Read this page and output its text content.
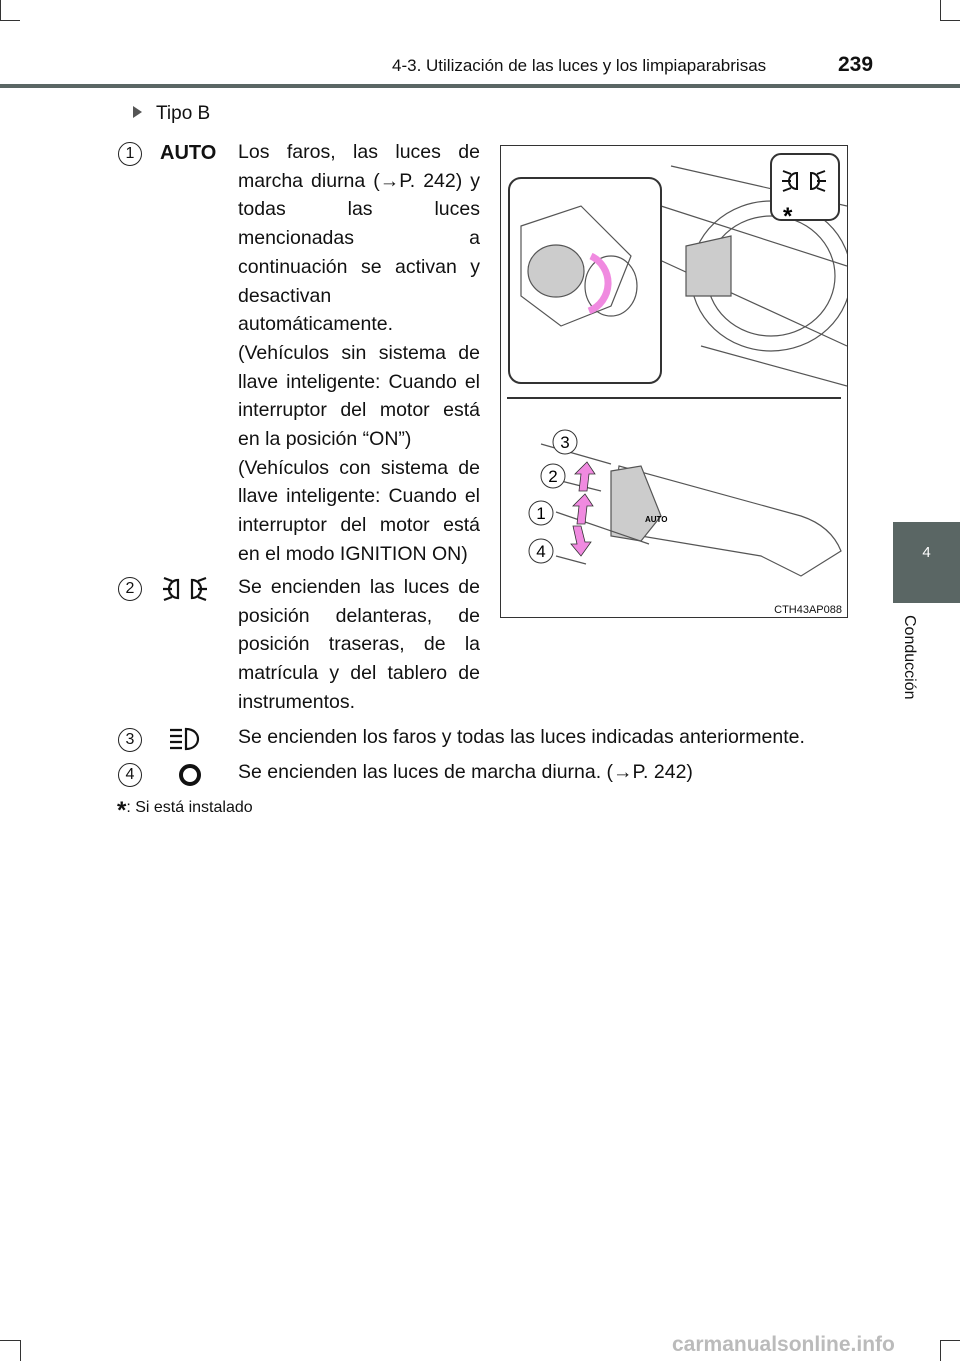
4-3. Utilización de las luces y los limpiaparabrisas	239
Tipo B
1	AUTO Los faros, las luces de marcha diurna (→P. 242) y todas las luces mencionadas a continuación se activan y desactivan automáticamente.

(Vehículos sin sistema de llave inteligente: Cuando el interruptor del motor está en la posición “ON”)

(Vehículos con sistema de llave inteligente: Cuando el interruptor del motor está en el modo IGNITION ON)

2	Se encienden las luces de posición delanteras, de posición traseras, de la matrícula y del tablero de instrumentos.
3	Se encienden los faros y todas las luces indicadas anteriormente.
4	Se encienden las luces de marcha diurna. (→P. 242)
*: Si está instalado
*
AUTO
3
2
1
4
CTH43AP088
4
Conducción
carmanualsonline.info
